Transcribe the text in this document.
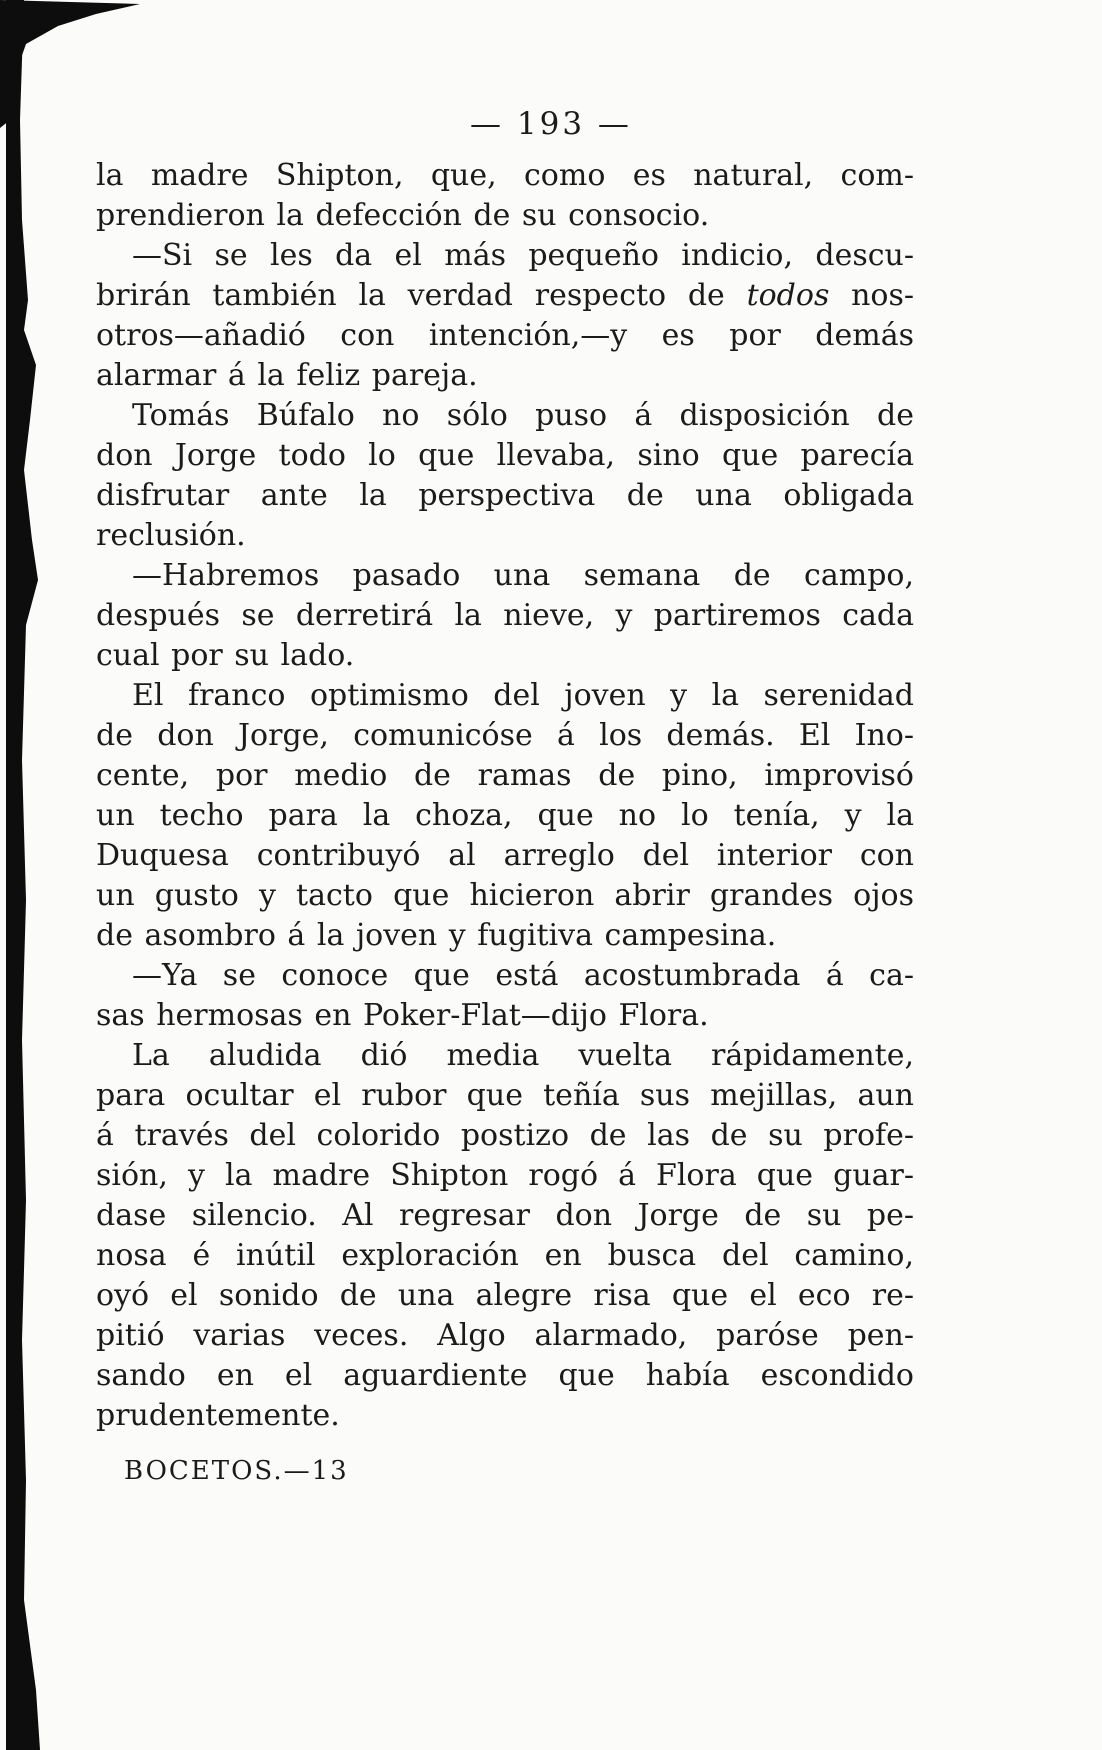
— 193 —
la madre Shipton, que, como es natural, com-
prendieron la defección de su consocio.
—Si se les da el más pequeño indicio, descu-
brirán también la verdad respecto de todos nos-
otros—añadió con intención,—y es por demás
alarmar á la feliz pareja.
Tomás Búfalo no sólo puso á disposición de
don Jorge todo lo que llevaba, sino que parecía
disfrutar ante la perspectiva de una obligada
reclusión.
—Habremos pasado una semana de campo,
después se derretirá la nieve, y partiremos cada
cual por su lado.
El franco optimismo del joven y la serenidad
de don Jorge, comunicóse á los demás. El Ino-
cente, por medio de ramas de pino, improvisó
un techo para la choza, que no lo tenía, y la
Duquesa contribuyó al arreglo del interior con
un gusto y tacto que hicieron abrir grandes ojos
de asombro á la joven y fugitiva campesina.
—Ya se conoce que está acostumbrada á ca-
sas hermosas en Poker-Flat—dijo Flora.
La aludida dió media vuelta rápidamente,
para ocultar el rubor que teñía sus mejillas, aun
á través del colorido postizo de las de su profe-
sión, y la madre Shipton rogó á Flora que guar-
dase silencio. Al regresar don Jorge de su pe-
nosa é inútil exploración en busca del camino,
oyó el sonido de una alegre risa que el eco re-
pitió varias veces. Algo alarmado, paróse pen-
sando en el aguardiente que había escondido
prudentemente.
BOCETOS.—13
